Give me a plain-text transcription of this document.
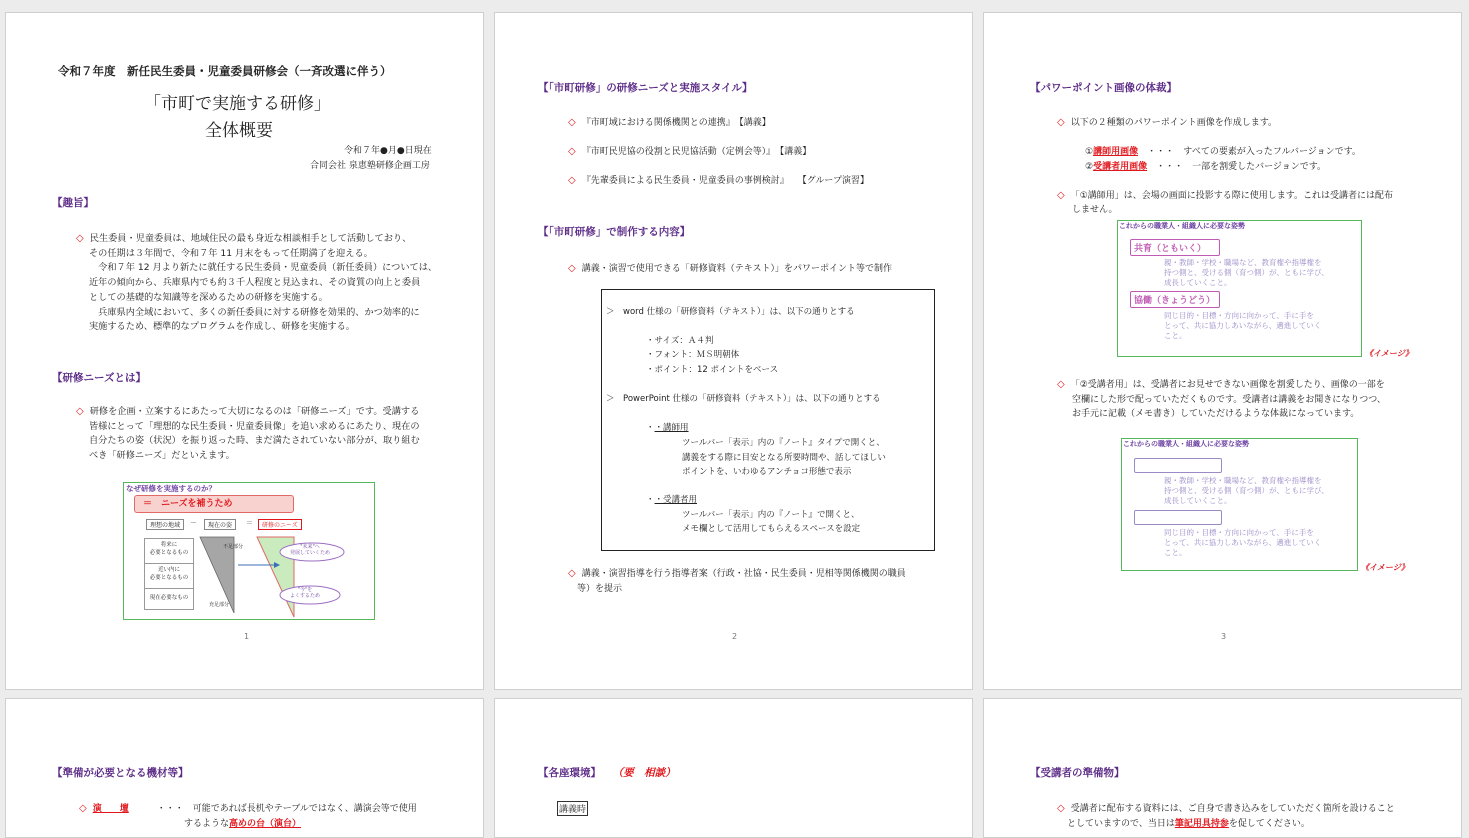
令和７年度　新任民生委員・児童委員研修会（一斉改選に伴う）
「市町で実施する研修」
全体概要
令和７年●月●日現在
合同会社 泉恵塾研修企画工房
【趣旨】
◇ 民生委員・児童委員は、地域住民の最も身近な相談相手として活動しており、
その任期は３年間で、令和７年 11 月末をもって任期満了を迎える。
　令和７年 12 月より新たに就任する民生委員・児童委員（新任委員）については、
近年の傾向から、兵庫県内でも約３千人程度と見込まれ、その資質の向上と委員
としての基礎的な知識等を深めるための研修を実施する。
　兵庫県内全域において、多くの新任委員に対する研修を効果的、かつ効率的に
実施するため、標準的なプログラムを作成し、研修を実施する。
【研修ニーズとは】
◇ 研修を企画・立案するにあたって大切になるのは「研修ニーズ」です。受講する
皆様にとって「理想的な民生委員・児童委員像」を追い求めるにあたり、現在の
自分たちの姿（状況）を振り返った時、まだ満たされていない部分が、取り組む
べき「研修ニーズ」だといえます。
なぜ研修を実施するのか？
＝　ニーズを補うため
理想の地域	－	現在の姿	＝	研修のニーズ
将来に
必要となるもの
近い内に
必要となるもの
現在必要なもの
不足部分
充足部分
"未来"へ
発展していくため
"今"を
よくするため
1
【「市町研修」の研修ニーズと実施スタイル】
◇ 『市町域における関係機関との連携』　【講義】
◇ 『市町民児協の役割と民児協活動（定例会等）』　【講義】
◇ 『先輩委員による民生委員・児童委員の事例検討』　　【グループ演習】
【「市町研修」で制作する内容】
◇ 講義・演習で使用できる「研修資料（テキスト）」をパワーポイント等で制作
＞　word 仕様の「研修資料（テキスト）」は、以下の通りとする
・サイズ：Ａ４判
・フォント：ＭＳ明朝体
・ポイント：12 ポイントをベース
＞　PowerPoint 仕様の「研修資料（テキスト）」は、以下の通りとする
・・講師用
ツールバー「表示」内の『ノート』タイプで開くと、
講義をする際に目安となる所要時間や、話してほしい
ポイントを、いわゆるアンチョコ形態で表示
・・受講者用
ツールバー「表示」内の『ノート』で開くと、
メモ欄として活用してもらえるスペースを設定
◇ 講義・演習指導を行う指導者案（行政・社協・民生委員・児相等関係機関の職員
等）を提示
2
【パワーポイント画像の体裁】
◇ 以下の２種類のパワーポイント画像を作成します。
①講師用画像　 ・・・　すべての要素が入ったフルバージョンです。
②受講者用画像　 ・・・　一部を割愛したバージョンです。
◇ 「①講師用」は、会場の画面に投影する際に使用します。これは受講者には配布
しません。
これからの職業人・組織人に必要な姿勢
共育（ともいく）
親・教師・学校・職場など、教育権や指導権を
持つ側と、受ける側（育つ側）が、ともに学び、
成長していくこと。
協働（きょうどう）
同じ目的・目標・方向に向かって、手に手を
とって、共に協力しあいながら、邁進していく
こと。
《イメージ》
◇ 「②受講者用」は、受講者にお見せできない画像を割愛したり、画像の一部を
空欄にした形で配っていただくものです。受講者は講義をお聞きになりつつ、
お手元に記載（メモ書き）していただけるような体裁になっています。
これからの職業人・組織人に必要な姿勢
親・教師・学校・職場など、教育権や指導権を
持つ側と、受ける側（育つ側）が、ともに学び、
成長していくこと。
同じ目的・目標・方向に向かって、手に手を
とって、共に協力しあいながら、邁進していく
こと。
《イメージ》
3
【準備が必要となる機材等】
◇ 演　　壇	・・・　可能であれば長机やテーブルではなく、講演会等で使用
するような高めの台（演台）
【各座環境】 （要　相談）
講義時
【受講者の準備物】
◇ 受講者に配布する資料には、ご自身で書き込みをしていただく箇所を設けること
としていますので、当日は筆記用具持参を促してください。
